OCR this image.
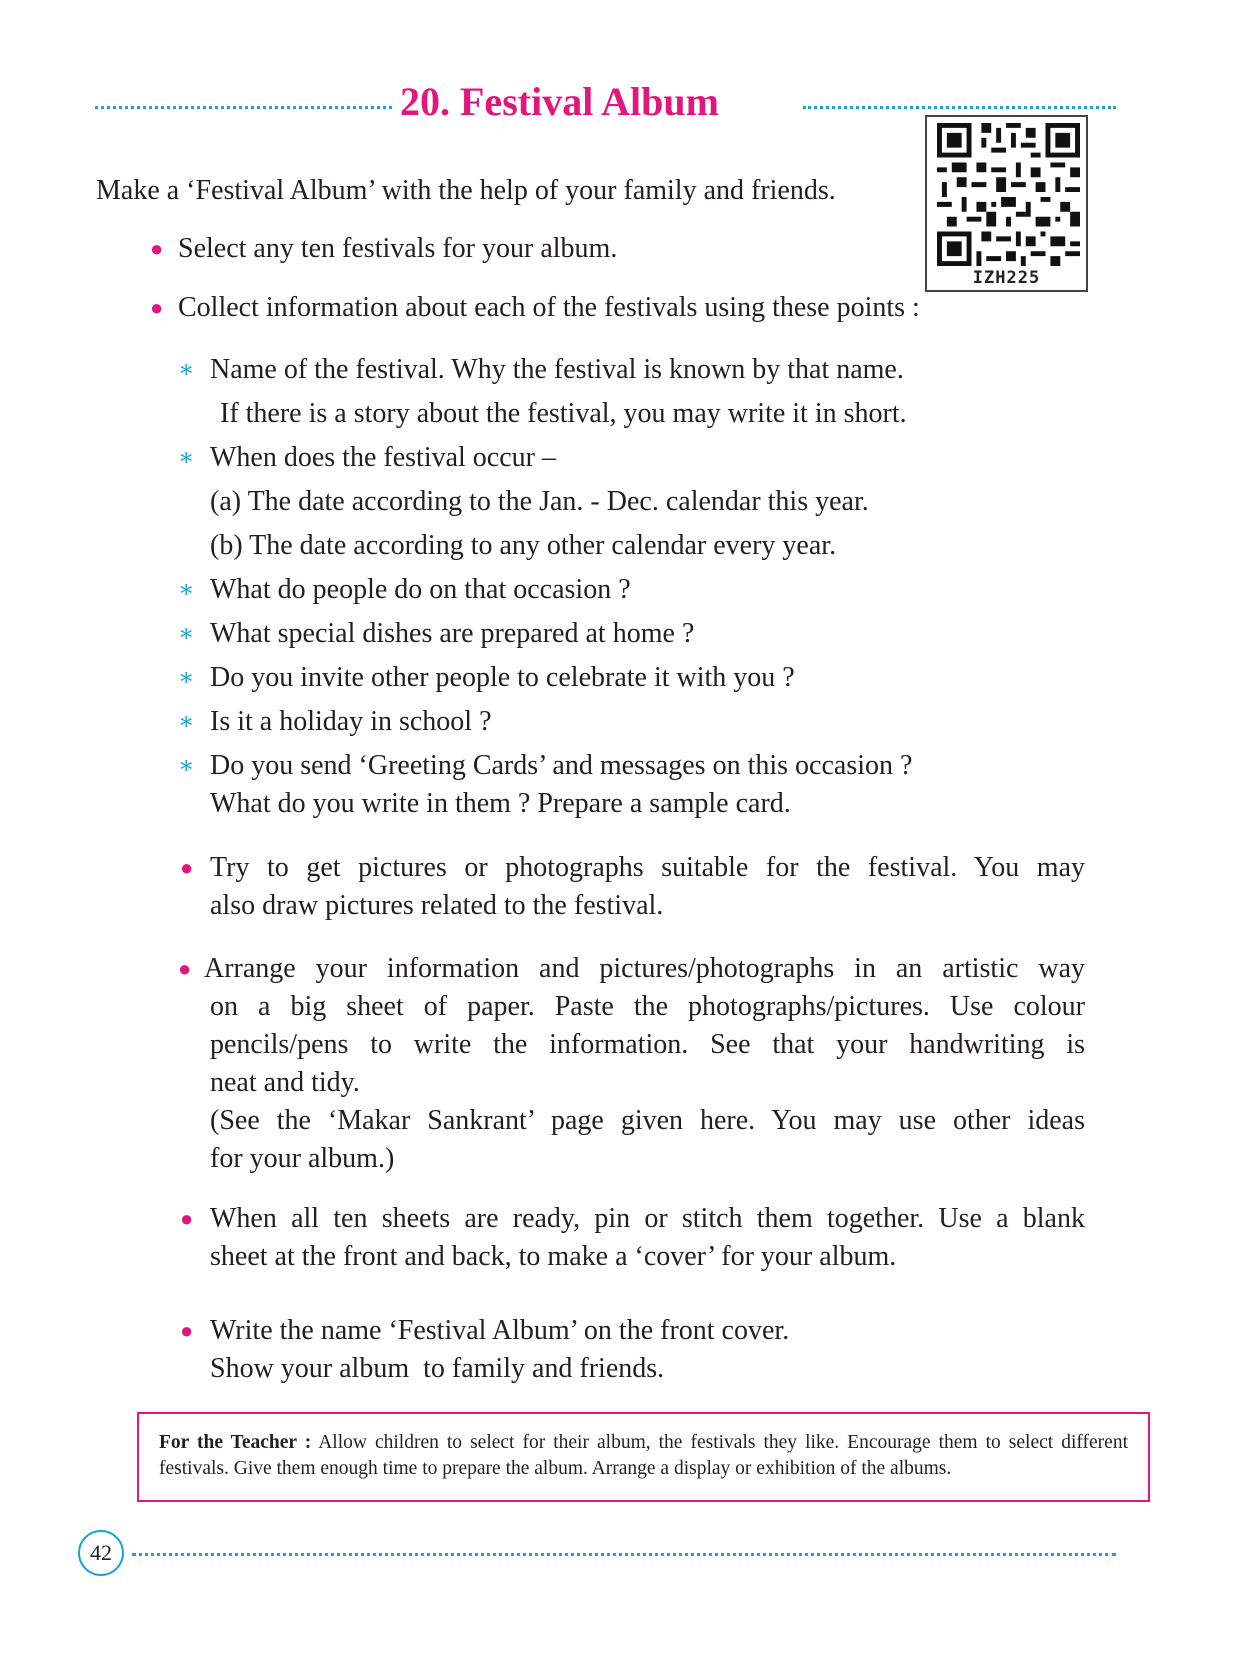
20. Festival Album
IZH225
Make a ‘Festival Album’ with the help of your family and friends.
● Select any ten festivals for your album.
● Collect information about each of the festivals using these points :
∗ Name of the festival. Why the festival is known by that name.
If there is a story about the festival, you may write it in short.
∗ When does the festival occur –
(a) The date according to the Jan. - Dec. calendar this year.
(b) The date according to any other calendar every year.
∗ What do people do on that occasion ?
∗ What special dishes are prepared at home ?
∗ Do you invite other people to celebrate it with you ?
∗ Is it a holiday in school ?
∗ Do you send ‘Greeting Cards’ and messages on this occasion ?
What do you write in them ? Prepare a sample card.
● Try to get pictures or photographs suitable for the festival. You may
also draw pictures related to the festival.
● Arrange your information and pictures/photographs in an artistic way
on a big sheet of paper. Paste the photographs/pictures. Use colour
pencils/pens to write the information. See that your handwriting is
neat and tidy.
(See the ‘Makar Sankrant’ page given here. You may use other ideas
for your album.)
● When all ten sheets are ready, pin or stitch them together. Use a blank
sheet at the front and back, to make a ‘cover’ for your album.
● Write the name ‘Festival Album’ on the front cover.
Show your album  to family and friends.
For the Teacher : Allow children to select for their album, the festivals they like. Encourage them to select different festivals. Give them enough time to prepare the album. Arrange a display or exhibition of the albums.
42
